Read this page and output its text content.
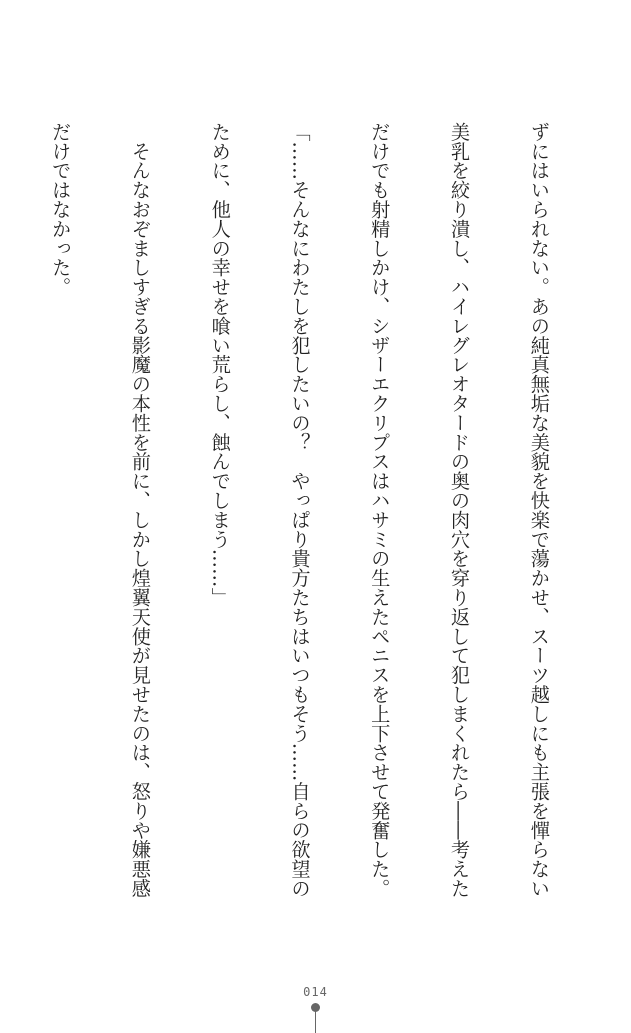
ずにはいられない。あの純真無垢な美貌を快楽で蕩かせ、スーツ越しにも主張を憚らない

美乳を絞り潰し、ハイレグレオタードの奥の肉穴を穿り返して犯しまくれたら――考えた

だけでも射精しかけ、シザーエクリプスはハサミの生えたペニスを上下させて発奮した。

「……そんなにわたしを犯したいの？　やっぱり貴方たちはいつもそう……自らの欲望の

ために、他人の幸せを喰い荒らし、蝕んでしまう……」

　そんなおぞましすぎる影魔の本性を前に、しかし煌翼天使が見せたのは、怒りや嫌悪感

だけではなかった。

014
